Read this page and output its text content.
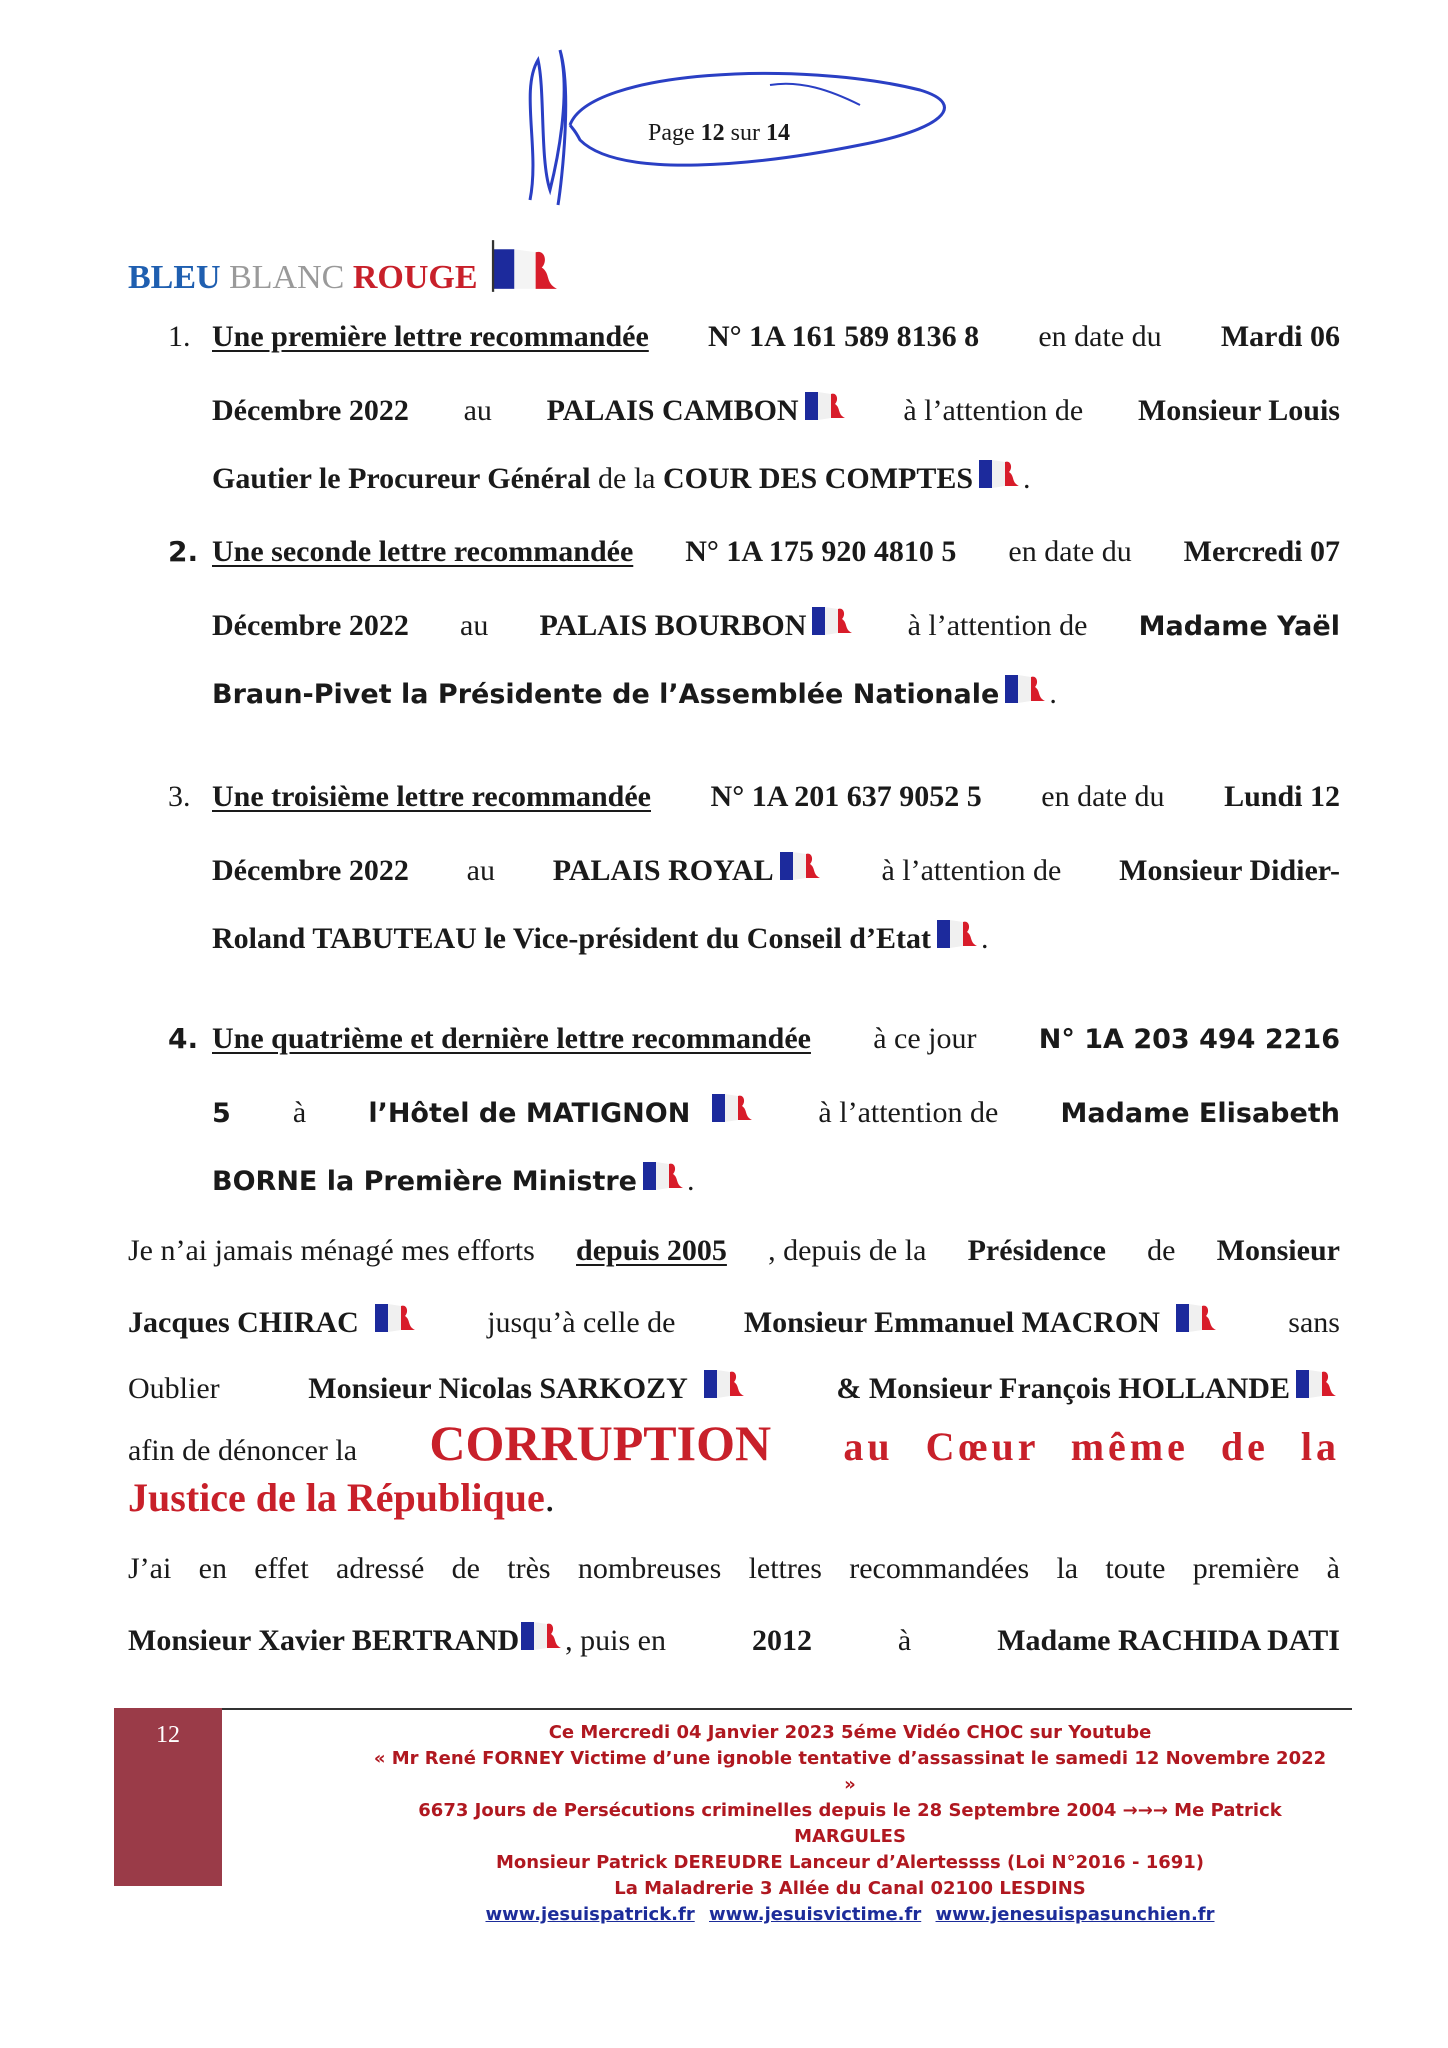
Page 12 sur 14
BLEU BLANC ROUGE
1. Une première lettre recommandée N° 1A 161 589 8136 8 en date du Mardi 06
Décembre 2022 au PALAIS CAMBON	à l’attention de Monsieur Louis
Gautier le Procureur Général de la COUR DES COMPTES .
2. Une seconde lettre recommandée N° 1A 175 920 4810 5 en date du Mercredi 07
Décembre 2022 au PALAIS BOURBON	à l’attention de Madame Yaël
Braun-Pivet la Présidente de l’Assemblée Nationale .
3. Une troisième lettre recommandée N° 1A 201 637 9052 5 en date du Lundi 12
Décembre 2022 au PALAIS ROYAL	à l’attention de Monsieur Didier-
Roland TABUTEAU le Vice-président du Conseil d’Etat .
4. Une quatrième et dernière lettre recommandée à ce jour N° 1A 203 494 2216
5 à l’Hôtel de MATIGNON	à l’attention de Madame Elisabeth
BORNE la Première Ministre .
Je n’ai jamais ménagé mes efforts depuis 2005 , depuis de la Présidence de Monsieur
Jacques CHIRAC	jusqu’à celle de Monsieur Emmanuel MACRON	sans
Oublier	Monsieur Nicolas SARKOZY	& Monsieur François HOLLANDE
afin de dénoncer la CORRUPTION au Cœur même de la
Justice de la République.
J’ai en effet adressé de très nombreuses lettres recommandées la toute première à
Monsieur Xavier BERTRAND , puis en	2012	à	Madame RACHIDA DATI
12	Ce Mercredi 04 Janvier 2023 5éme Vidéo CHOC sur Youtube
« Mr René FORNEY Victime d’une ignoble tentative d’assassinat le samedi 12 Novembre 2022 »
6673 Jours de Persécutions criminelles depuis le 28 Septembre 2004 →→→ Me Patrick MARGULES
Monsieur Patrick DEREUDRE Lanceur d’Alertessss (Loi N°2016 - 1691)
La Maladrerie 3 Allée du Canal 02100 LESDINS
www.jesuispatrick.fr www.jesuisvictime.fr www.jenesuispasunchien.fr
